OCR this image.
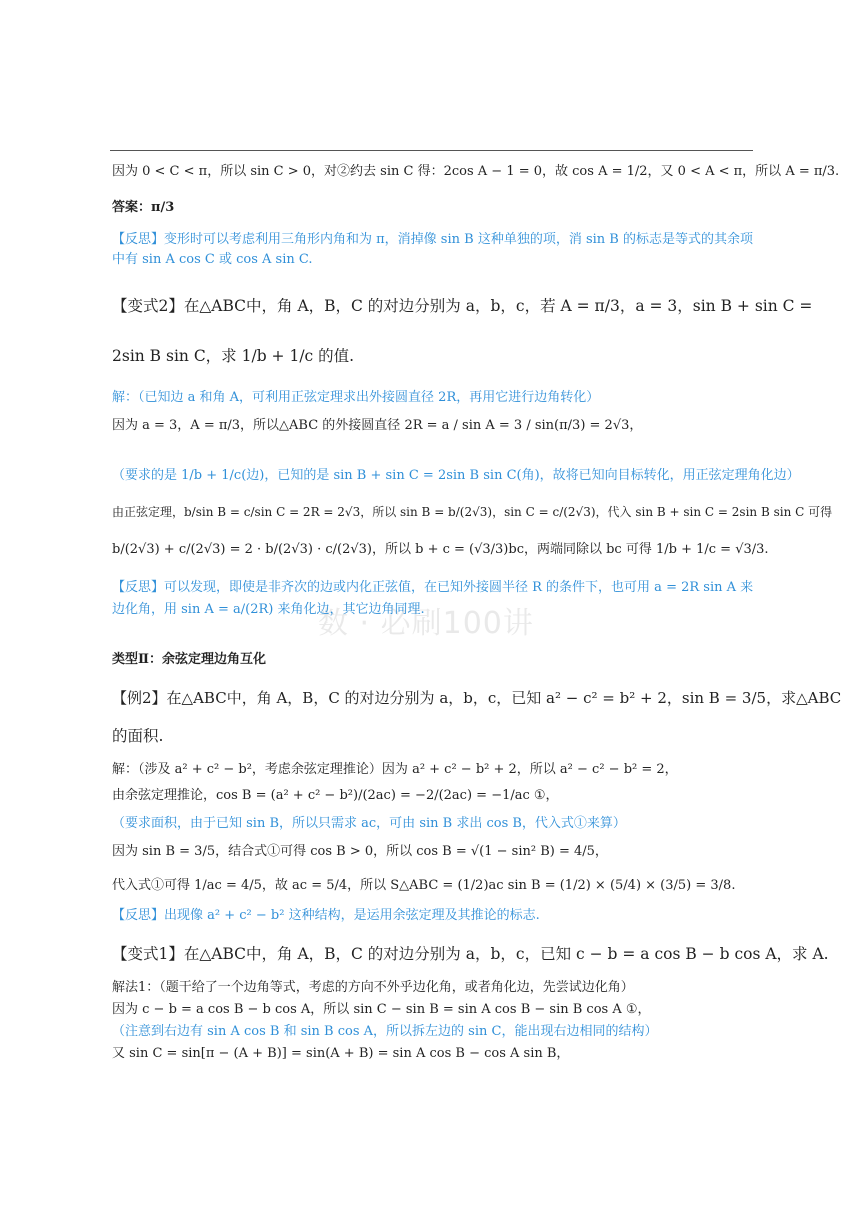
数 · 必刷100讲
因为 0 < C < π，所以 sin C > 0，对②约去 sin C 得：2cos A − 1 = 0，故 cos A = 1/2，又 0 < A < π，所以 A = π/3.
答案：π/3
【反思】变形时可以考虑利用三角形内角和为 π，消掉像 sin B 这种单独的项，消 sin B 的标志是等式的其余项
中有 sin A cos C 或 cos A sin C.
【变式2】在△ABC中，角 A，B，C 的对边分别为 a，b，c，若 A = π/3，a = 3，sin B + sin C =
2sin B sin C，求 1/b + 1/c 的值.
解：（已知边 a 和角 A，可利用正弦定理求出外接圆直径 2R，再用它进行边角转化）
因为 a = 3，A = π/3，所以△ABC 的外接圆直径 2R = a / sin A = 3 / sin(π/3) = 2√3，
（要求的是 1/b + 1/c(边)，已知的是 sin B + sin C = 2sin B sin C(角)，故将已知向目标转化，用正弦定理角化边）
由正弦定理，b/sin B = c/sin C = 2R = 2√3，所以 sin B = b/(2√3)，sin C = c/(2√3)，代入 sin B + sin C = 2sin B sin C 可得
b/(2√3) + c/(2√3) = 2 · b/(2√3) · c/(2√3)，所以 b + c = (√3/3)bc，两端同除以 bc 可得 1/b + 1/c = √3/3.
【反思】可以发现，即使是非齐次的边或内化正弦值，在已知外接圆半径 R 的条件下，也可用 a = 2R sin A 来
边化角，用 sin A = a/(2R) 来角化边，其它边角同理.
类型Ⅱ：余弦定理边角互化
【例2】在△ABC中，角 A，B，C 的对边分别为 a，b，c，已知 a² − c² = b² + 2，sin B = 3/5，求△ABC
的面积.
解：（涉及 a² + c² − b²，考虑余弦定理推论）因为 a² + c² − b² + 2，所以 a² − c² − b² = 2，
由余弦定理推论，cos B = (a² + c² − b²)/(2ac) = −2/(2ac) = −1/ac ①，
（要求面积，由于已知 sin B，所以只需求 ac，可由 sin B 求出 cos B，代入式①来算）
因为 sin B = 3/5，结合式①可得 cos B > 0，所以 cos B = √(1 − sin² B) = 4/5，
代入式①可得 1/ac = 4/5，故 ac = 5/4，所以 S△ABC = (1/2)ac sin B = (1/2) × (5/4) × (3/5) = 3/8.
【反思】出现像 a² + c² − b² 这种结构，是运用余弦定理及其推论的标志.
【变式1】在△ABC中，角 A，B，C 的对边分别为 a，b，c，已知 c − b = a cos B − b cos A，求 A.
解法1：（题干给了一个边角等式，考虑的方向不外乎边化角，或者角化边，先尝试边化角）
因为 c − b = a cos B − b cos A，所以 sin C − sin B = sin A cos B − sin B cos A ①，
（注意到右边有 sin A cos B 和 sin B cos A，所以拆左边的 sin C，能出现右边相同的结构）
又 sin C = sin[π − (A + B)] = sin(A + B) = sin A cos B − cos A sin B，
